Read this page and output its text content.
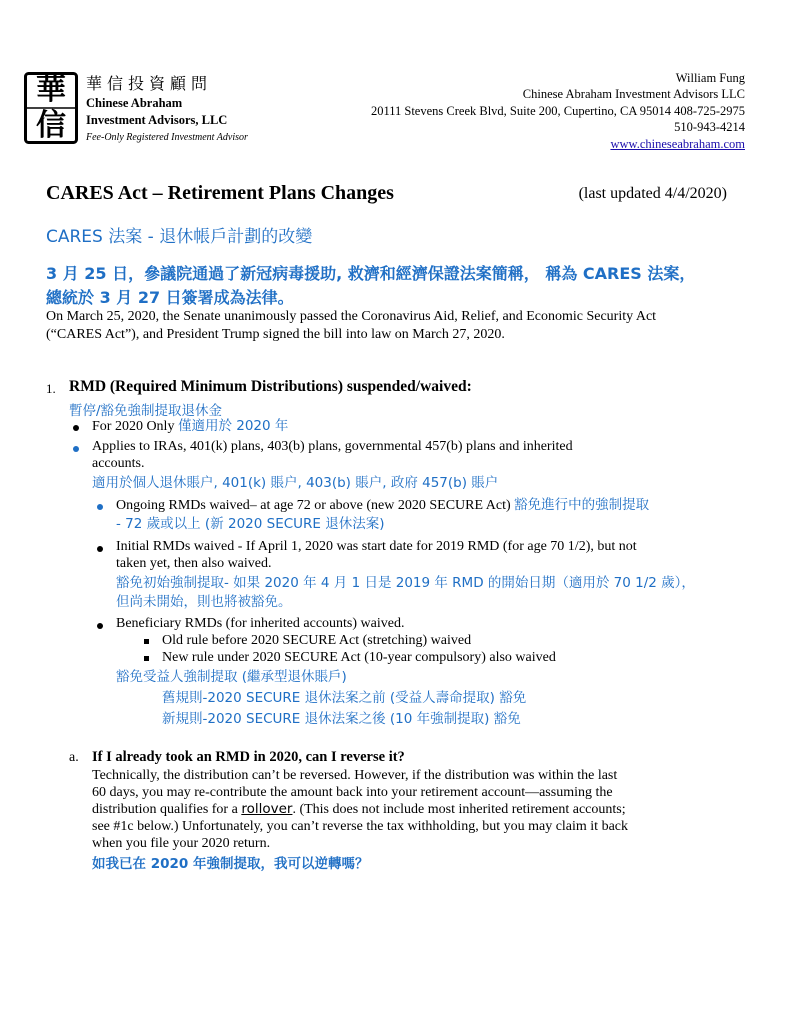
華
信
華信投資顧問
Chinese Abraham
Investment Advisors, LLC
Fee-Only Registered Investment Advisor
William Fung
Chinese Abraham Investment Advisors LLC
20111 Stevens Creek Blvd, Suite 200, Cupertino, CA 95014 408-725-2975
510-943-4214
www.chineseabraham.com
CARES Act – Retirement Plans Changes	(last updated 4/4/2020)
CARES 法案 - 退休帳戶計劃的改變
3 月 25 日，參議院通過了新冠病毒援助, 救濟和經濟保證法案簡稱， 稱為 CARES 法案，
總統於 3 月 27 日簽署成為法律。
On March 25, 2020, the Senate unanimously passed the Coronavirus Aid, Relief, and Economic Security Act
(“CARES Act”), and President Trump signed the bill into law on March 27, 2020.
1. RMD (Required Minimum Distributions) suspended/waived:
暫停/豁免強制提取退休金
For 2020 Only 僅適用於 2020 年
Applies to IRAs, 401(k) plans, 403(b) plans, governmental 457(b) plans and inherited
accounts.
適用於個人退休賬户, 401(k) 賬户, 403(b) 賬户, 政府 457(b) 賬户
Ongoing RMDs waived– at age 72 or above (new 2020 SECURE Act) 豁免進行中的強制提取
- 72 歲或以上 (新 2020 SECURE 退休法案)
Initial RMDs waived - If April 1, 2020 was start date for 2019 RMD (for age 70 1/2), but not
taken yet, then also waived.
豁免初始強制提取- 如果 2020 年 4 月 1 日是 2019 年 RMD 的開始日期（適用於 70 1/2 歲），
但尚未開始，則也將被豁免。
Beneficiary RMDs (for inherited accounts) waived.
Old rule before 2020 SECURE Act (stretching) waived
New rule under 2020 SECURE Act (10-year compulsory) also waived
豁免受益人強制提取 (繼承型退休賬戶)
舊規則-2020 SECURE 退休法案之前 (受益人壽命提取) 豁免
新規則-2020 SECURE 退休法案之後 (10 年強制提取) 豁免
a. If I already took an RMD in 2020, can I reverse it?
Technically, the distribution can’t be reversed. However, if the distribution was within the last
60 days, you may re-contribute the amount back into your retirement account—assuming the
distribution qualifies for a rollover. (This does not include most inherited retirement accounts;
see #1c below.) Unfortunately, you can’t reverse the tax withholding, but you may claim it back
when you file your 2020 return.
如我已在 2020 年強制提取，我可以逆轉嗎？
